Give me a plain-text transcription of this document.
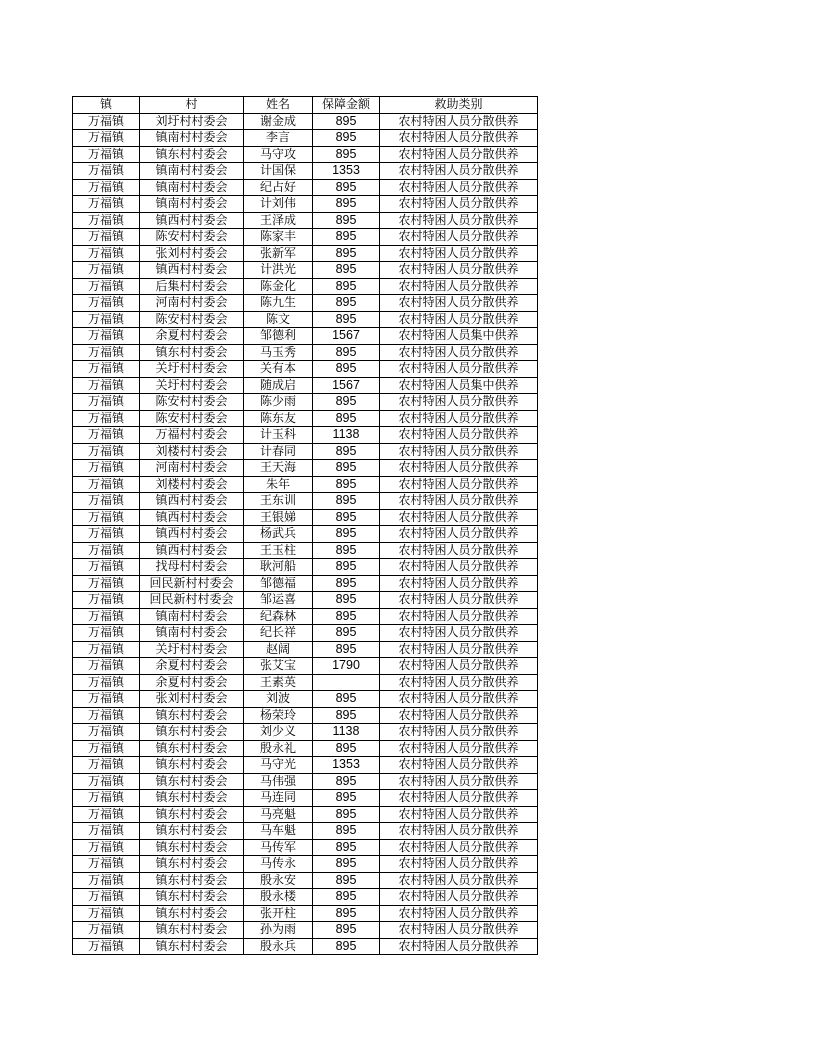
镇	村	姓名	保障金额	救助类别
万福镇	刘圩村村委会	谢金成	895	农村特困人员分散供养
万福镇	镇南村村委会	李言	895	农村特困人员分散供养
万福镇	镇东村村委会	马守攻	895	农村特困人员分散供养
万福镇	镇南村村委会	计国保	1353	农村特困人员分散供养
万福镇	镇南村村委会	纪占好	895	农村特困人员分散供养
万福镇	镇南村村委会	计刘伟	895	农村特困人员分散供养
万福镇	镇西村村委会	王泽成	895	农村特困人员分散供养
万福镇	陈安村村委会	陈家丰	895	农村特困人员分散供养
万福镇	张刘村村委会	张新军	895	农村特困人员分散供养
万福镇	镇西村村委会	计洪光	895	农村特困人员分散供养
万福镇	后集村村委会	陈金化	895	农村特困人员分散供养
万福镇	河南村村委会	陈九生	895	农村特困人员分散供养
万福镇	陈安村村委会	陈文	895	农村特困人员分散供养
万福镇	余夏村村委会	邹德利	1567	农村特困人员集中供养
万福镇	镇东村村委会	马玉秀	895	农村特困人员分散供养
万福镇	关圩村村委会	关有本	895	农村特困人员分散供养
万福镇	关圩村村委会	随成启	1567	农村特困人员集中供养
万福镇	陈安村村委会	陈少雨	895	农村特困人员分散供养
万福镇	陈安村村委会	陈东友	895	农村特困人员分散供养
万福镇	万福村村委会	计玉科	1138	农村特困人员分散供养
万福镇	刘楼村村委会	计春同	895	农村特困人员分散供养
万福镇	河南村村委会	王天海	895	农村特困人员分散供养
万福镇	刘楼村村委会	朱年	895	农村特困人员分散供养
万福镇	镇西村村委会	王东训	895	农村特困人员分散供养
万福镇	镇西村村委会	王银娣	895	农村特困人员分散供养
万福镇	镇西村村委会	杨武兵	895	农村特困人员分散供养
万福镇	镇西村村委会	王玉柱	895	农村特困人员分散供养
万福镇	找母村村委会	耿河船	895	农村特困人员分散供养
万福镇	回民新村村委会	邹德福	895	农村特困人员分散供养
万福镇	回民新村村委会	邹运喜	895	农村特困人员分散供养
万福镇	镇南村村委会	纪森林	895	农村特困人员分散供养
万福镇	镇南村村委会	纪长祥	895	农村特困人员分散供养
万福镇	关圩村村委会	赵阔	895	农村特困人员分散供养
万福镇	余夏村村委会	张艾宝	1790	农村特困人员分散供养
万福镇	余夏村村委会	王素英		农村特困人员分散供养
万福镇	张刘村村委会	刘波	895	农村特困人员分散供养
万福镇	镇东村村委会	杨荣玲	895	农村特困人员分散供养
万福镇	镇东村村委会	刘少义	1138	农村特困人员分散供养
万福镇	镇东村村委会	殷永礼	895	农村特困人员分散供养
万福镇	镇东村村委会	马守光	1353	农村特困人员分散供养
万福镇	镇东村村委会	马伟强	895	农村特困人员分散供养
万福镇	镇东村村委会	马连同	895	农村特困人员分散供养
万福镇	镇东村村委会	马亮魁	895	农村特困人员分散供养
万福镇	镇东村村委会	马车魁	895	农村特困人员分散供养
万福镇	镇东村村委会	马传军	895	农村特困人员分散供养
万福镇	镇东村村委会	马传永	895	农村特困人员分散供养
万福镇	镇东村村委会	殷永安	895	农村特困人员分散供养
万福镇	镇东村村委会	殷永楼	895	农村特困人员分散供养
万福镇	镇东村村委会	张开柱	895	农村特困人员分散供养
万福镇	镇东村村委会	孙为雨	895	农村特困人员分散供养
万福镇	镇东村村委会	殷永兵	895	农村特困人员分散供养
